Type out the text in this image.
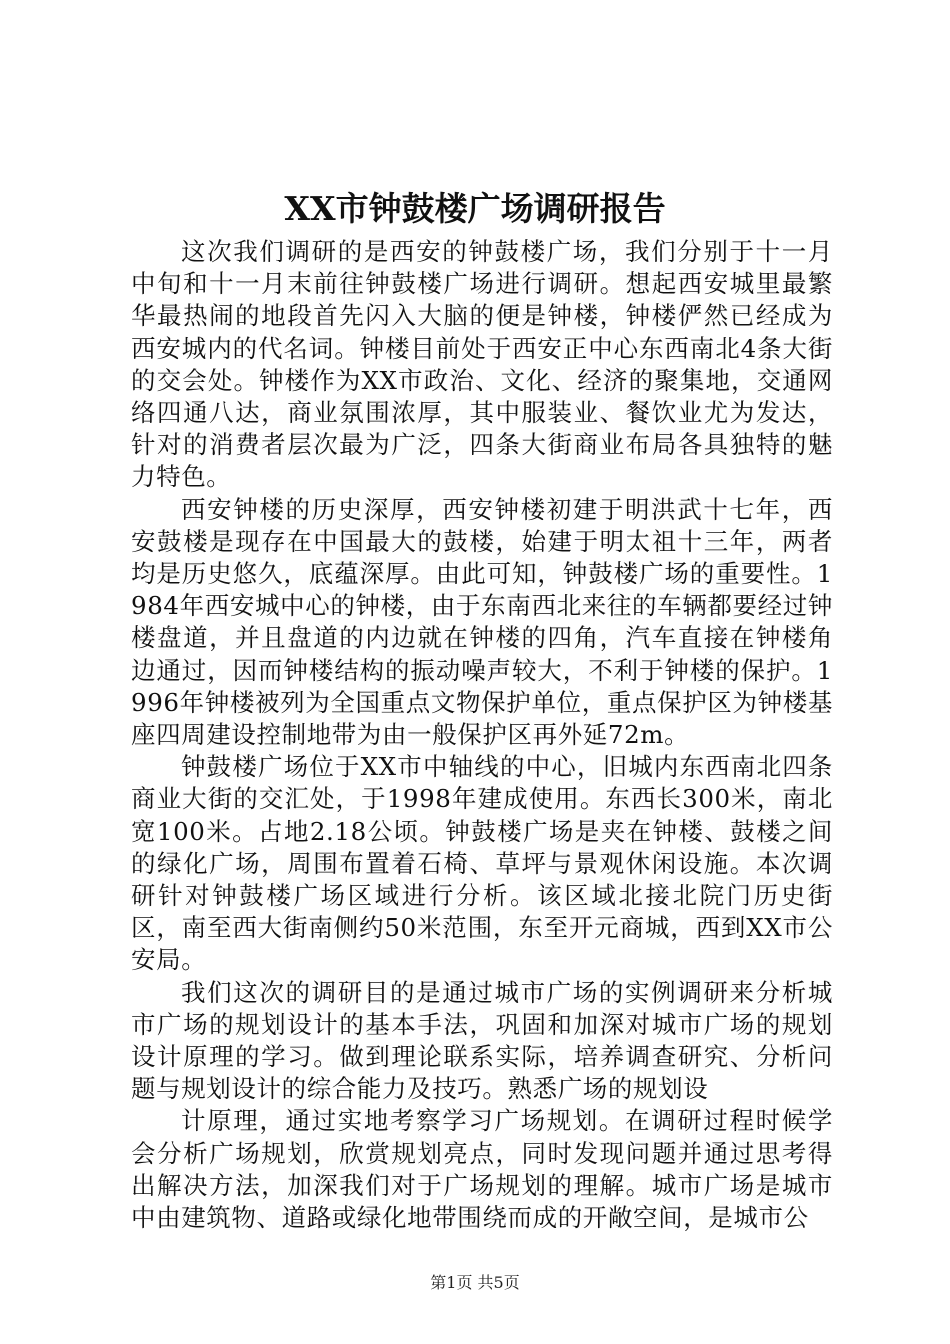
XX市钟鼓楼广场调研报告

这次我们调研的是西安的钟鼓楼广场，我们分别于十一月中旬和十一月末前往钟鼓楼广场进行调研。想起西安城里最繁华最热闹的地段首先闪入大脑的便是钟楼，钟楼俨然已经成为西安城内的代名词。钟楼目前处于西安正中心东西南北4条大街的交会处。钟楼作为XX市政治、文化、经济的聚集地，交通网络四通八达，商业氛围浓厚，其中服装业、餐饮业尤为发达，针对的消费者层次最为广泛，四条大街商业布局各具独特的魅力特色。

西安钟楼的历史深厚，西安钟楼初建于明洪武十七年，西安鼓楼是现存在中国最大的鼓楼，始建于明太祖十三年，两者均是历史悠久，底蕴深厚。由此可知，钟鼓楼广场的重要性。1984年西安城中心的钟楼，由于东南西北来往的车辆都要经过钟楼盘道，并且盘道的内边就在钟楼的四角，汽车直接在钟楼角边通过，因而钟楼结构的振动噪声较大，不利于钟楼的保护。1996年钟楼被列为全国重点文物保护单位，重点保护区为钟楼基座四周建设控制地带为由一般保护区再外延72m。

钟鼓楼广场位于XX市中轴线的中心，旧城内东西南北四条商业大街的交汇处，于1998年建成使用。东西长300米，南北宽100米。占地2.18公顷。钟鼓楼广场是夹在钟楼、鼓楼之间的绿化广场，周围布置着石椅、草坪与景观休闲设施。本次调研针对钟鼓楼广场区域进行分析。该区域北接北院门历史街区，南至西大街南侧约50米范围，东至开元商城，西到XX市公安局。

我们这次的调研目的是通过城市广场的实例调研来分析城市广场的规划设计的基本手法，巩固和加深对城市广场的规划设计原理的学习。做到理论联系实际，培养调查研究、分析问题与规划设计的综合能力及技巧。熟悉广场的规划设

计原理，通过实地考察学习广场规划。在调研过程时候学会分析广场规划，欣赏规划亮点，同时发现问题并通过思考得出解决方法，加深我们对于广场规划的理解。城市广场是城市中由建筑物、道路或绿化地带围绕而成的开敞空间，是城市公

第1页 共5页
